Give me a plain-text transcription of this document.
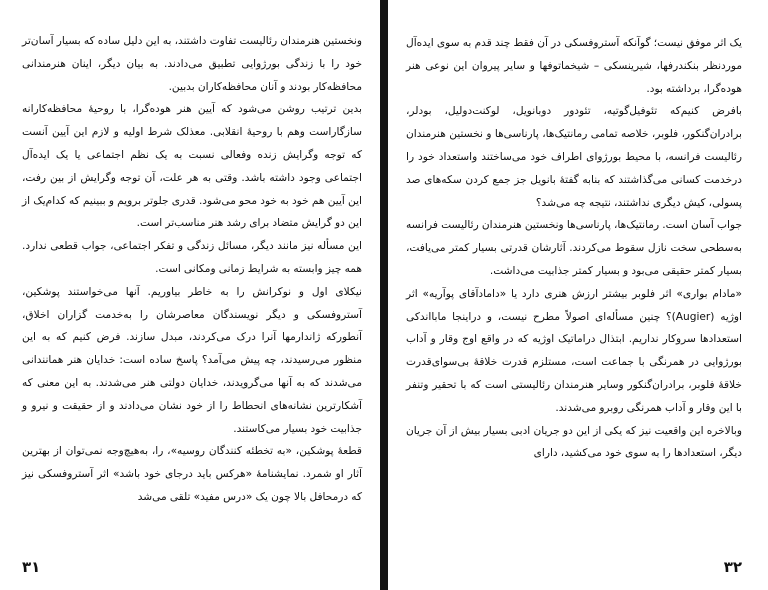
ونخستین هنرمندان رئالیست تفاوت داشتند، به این دلیل ساده که بسیار آسان‌تر خود را با زندگی بورژوایی تطبیق می‌دادند. به بیان دیگر، اینان هنرمندانی محافظه‌کار بودند و آنان محافظه‌کاران بدبین.

بدین ترتیب روشن می‌شود که آیین هنر هوده‌گرا، با روحیهٔ محافظه‌کارانه سازگاراست وهم با روحیهٔ انقلابی. معذلک شرط اولیه و لازم این آیین آنست که توجه وگرایش زنده وفعالی نسبت به یک نظم اجتماعی یا یک ایده‌آل اجتماعی وجود داشته باشد. وقتی به هر علت، آن توجه وگرایش از بین رفت، این آیین هم خود به خود محو می‌شود. قدری جلوتر برویم و ببینیم که کدام‌یک از این دو گرایش متضاد برای رشد هنر مناسب‌تر است.

این مسأله نیز مانند دیگر، مسائل زندگی و تفکر اجتماعی، جواب قطعی ندارد. همه چیز وابسته به شرایط زمانی ومکانی است.

نیکلای اول و نوکرانش را به خاطر بیاوریم. آنها می‌خواستند پوشکین، آستروفسکی و دیگر نویسندگان معاصرشان را به‌خدمت گزاران اخلاق، آنطورکه ژاندارمها آنرا درک می‌کردند، مبدل سازند. فرض کنیم که به این منظور می‌رسیدند، چه پیش می‌آمد؟ پاسخ ساده است: خدایان هنر همانندانی می‌شدند که به آنها می‌گرویدند، خدایان دولتی هنر می‌شدند. به این معنی که آشکارترین نشانه‌های انحطاط را از خود نشان می‌دادند و از حقیقت و نیرو و جذابیت خود بسیار می‌کاستند.

قطعهٔ پوشکین، «به تخطئه کنندگان روسیه»، را، به‌هیچ‌وجه نمی‌توان از بهترین آثار او شمرد. نمایشنامهٔ «هرکس باید درجای خود باشد» اثر آستروفسکی نیز که درمحافل بالا چون یک «درس مفید» تلقی می‌شد

۳۱

یک اثر موفق نیست؛ گوآنکه آستروفسکی در آن فقط چند قدم به سوی ایده‌آل موردنظر بنکندرفها، شیرینسکی – شیخماتوفها و سایر پیروان این نوعی هنر هوده‌گرا، برداشته بود.

بافرض کنیم‌که تئوفیل‌گوتیه، تئودور دوبانویل، لوکنت‌دولیل، بودلر، برادران‌گنکور، فلوبر، خلاصه تمامی رمانتیک‌ها، پارناسی‌ها و نخستین هنرمندان رئالیست فرانسه، با محیط بورژوای اطراف خود می‌ساختند واستعداد خود را درخدمت کسانی می‌گذاشتند که بنابه گفتهٔ بانویل جز جمع کردن سکه‌های صد پسولی، کیش دیگری نداشتند، نتیجه چه می‌شد؟

جواب آسان است. رمانتیک‌ها، پارناسی‌ها ونخستین هنرمندان رئالیست فرانسه به‌سطحی سخت نازل سقوط می‌کردند. آثارشان قدرتی بسیار کمتر می‌یافت، بسیار کمتر حقیقی می‌بود و بسیار کمتر جذابیت می‌داشت.

«مادام بواری» اثر فلوبر بیشتر ارزش هنری دارد یا «داماد‌آقای پوآریه» اثر اوژیه (Augier)؟ چنین مسأله‌ای اصولاً مطرح نیست، و دراینجا مابااندکی استعدادها سروکار نداریم. ابتذال دراماتیک اوژیه که در واقع اوج وقار و آداب بورژوایی در همرنگی با جماعت است، مستلزم قدرت خلاقهٔ بی‌سوای‌قدرت خلاقهٔ فلوبر، برادران‌گنکور وسایر هنرمندان رئالیستی است که با تحقیر وتنفر با این وقار و آداب همرنگی روبرو می‌شدند.

وبالاخره این واقعیت نیز که یکی از این دو جریان ادبی بسیار بیش از آن جریان دیگر، استعدادها را به سوی خود می‌کشید، دارای

۳۲
